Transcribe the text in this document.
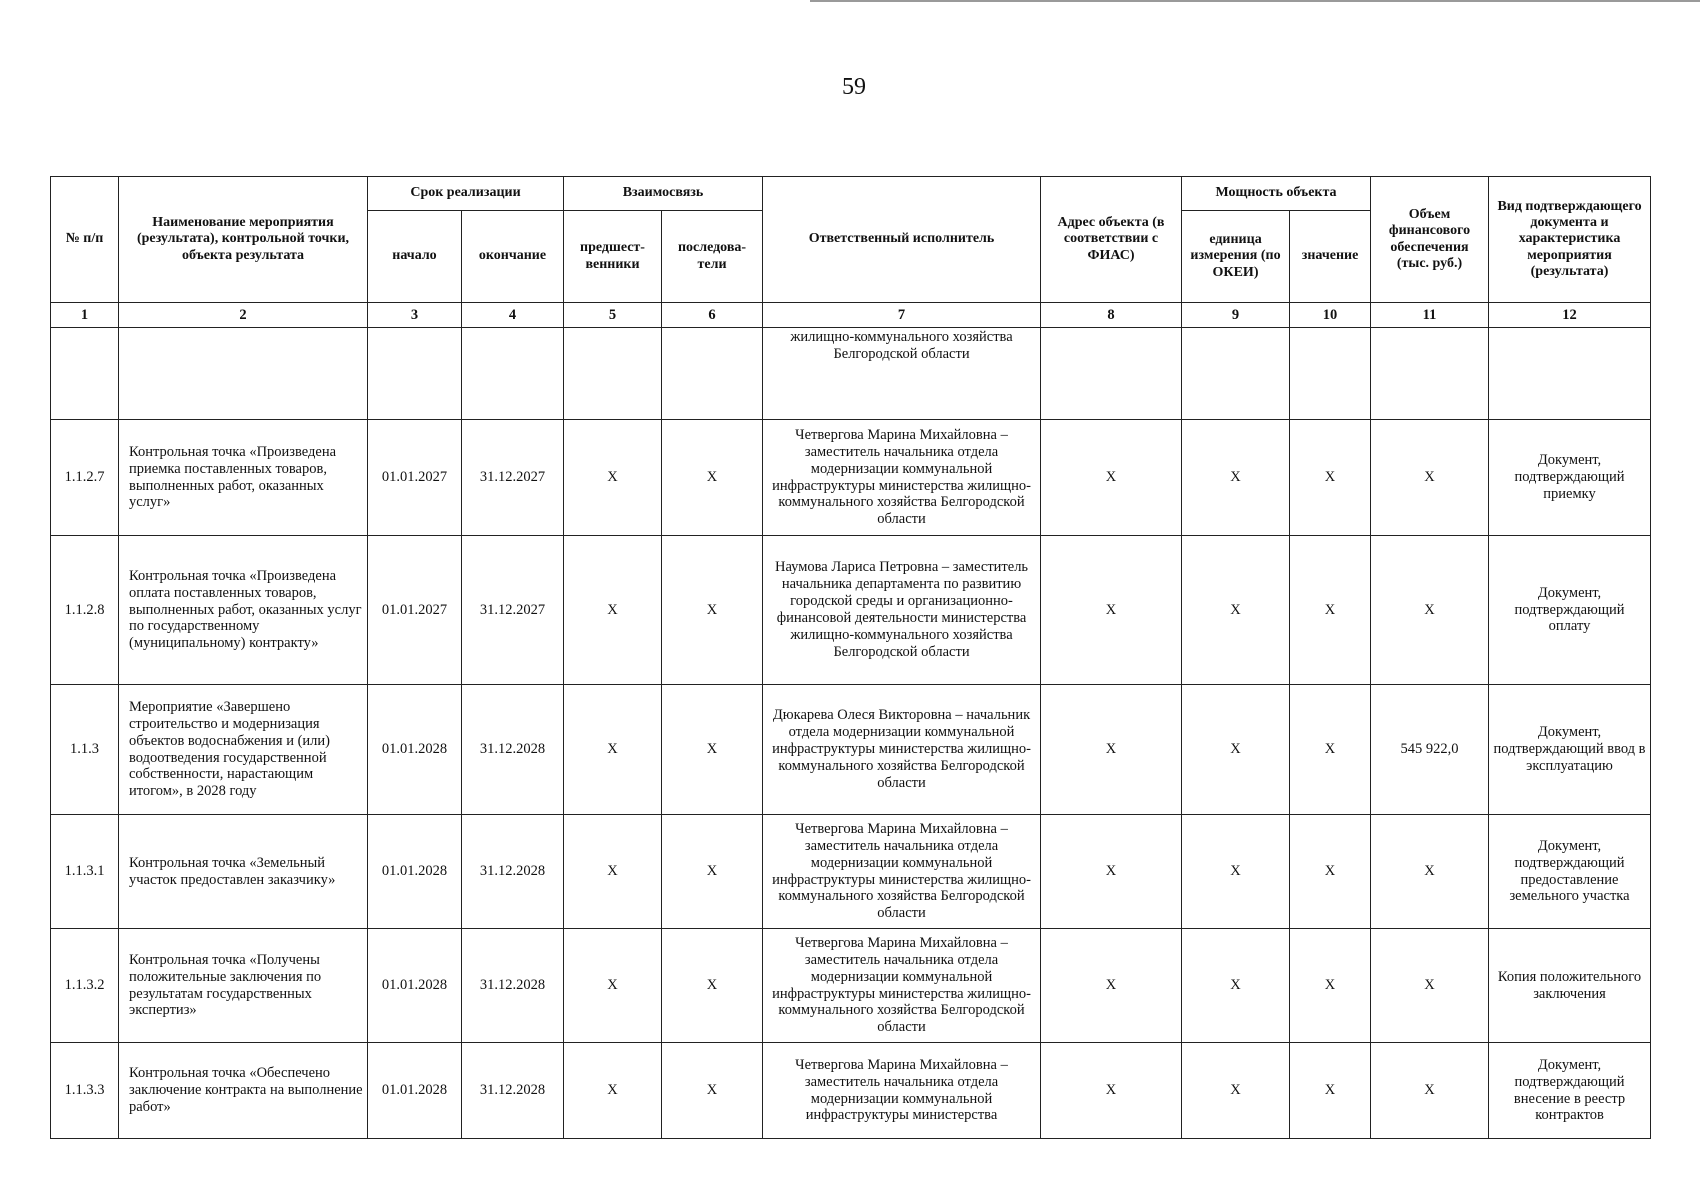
59
№ п/п	Наименование мероприятия (результата), контрольной точки, объекта результата	Срок реализации		Взаимосвязь		Ответственный исполнитель	Адрес объекта (в соответствии с ФИАС)	Мощность объекта		Объем финансового обеспечения (тыс. руб.)	Вид подтверждающего документа и характеристика мероприятия (результата)
		начало	окончание	предшест-венники	последова-тели			единица измерения (по ОКЕИ)	значение		
1	2	3	4	5	6	7	8	9	10	11	12
						жилищно-коммунального хозяйства Белгородской области					
1.1.2.7	Контрольная точка «Произведена приемка поставленных товаров, выполненных работ, оказанных услуг»	01.01.2027	31.12.2027	X	X	Четвергова Марина Михайловна – заместитель начальника отдела модернизации коммунальной инфраструктуры министерства жилищно-коммунального хозяйства Белгородской области	X	X	X	X	Документ, подтверждающий приемку
1.1.2.8	Контрольная точка «Произведена оплата поставленных товаров, выполненных работ, оказанных услуг по государственному (муниципальному) контракту»	01.01.2027	31.12.2027	X	X	Наумова Лариса Петровна – заместитель начальника департамента по развитию городской среды и организационно-финансовой деятельности министерства жилищно-коммунального хозяйства Белгородской области	X	X	X	X	Документ, подтверждающий оплату
1.1.3	Мероприятие «Завершено строительство и модернизация объектов водоснабжения и (или) водоотведения государственной собственности, нарастающим итогом», в 2028 году	01.01.2028	31.12.2028	X	X	Дюкарева Олеся Викторовна – начальник отдела модернизации коммунальной инфраструктуры министерства жилищно-коммунального хозяйства Белгородской области	X	X	X	545 922,0	Документ, подтверждающий ввод в эксплуатацию
1.1.3.1	Контрольная точка «Земельный участок предоставлен заказчику»	01.01.2028	31.12.2028	X	X	Четвергова Марина Михайловна – заместитель начальника отдела модернизации коммунальной инфраструктуры министерства жилищно-коммунального хозяйства Белгородской области	X	X	X	X	Документ, подтверждающий предоставление земельного участка
1.1.3.2	Контрольная точка «Получены положительные заключения по результатам государственных экспертиз»	01.01.2028	31.12.2028	X	X	Четвергова Марина Михайловна – заместитель начальника отдела модернизации коммунальной инфраструктуры министерства жилищно-коммунального хозяйства Белгородской области	X	X	X	X	Копия положительного заключения
1.1.3.3	Контрольная точка «Обеспечено заключение контракта на выполнение работ»	01.01.2028	31.12.2028	X	X	Четвергова Марина Михайловна – заместитель начальника отдела модернизации коммунальной инфраструктуры министерства	X	X	X	X	Документ, подтверждающий внесение в реестр контрактов
